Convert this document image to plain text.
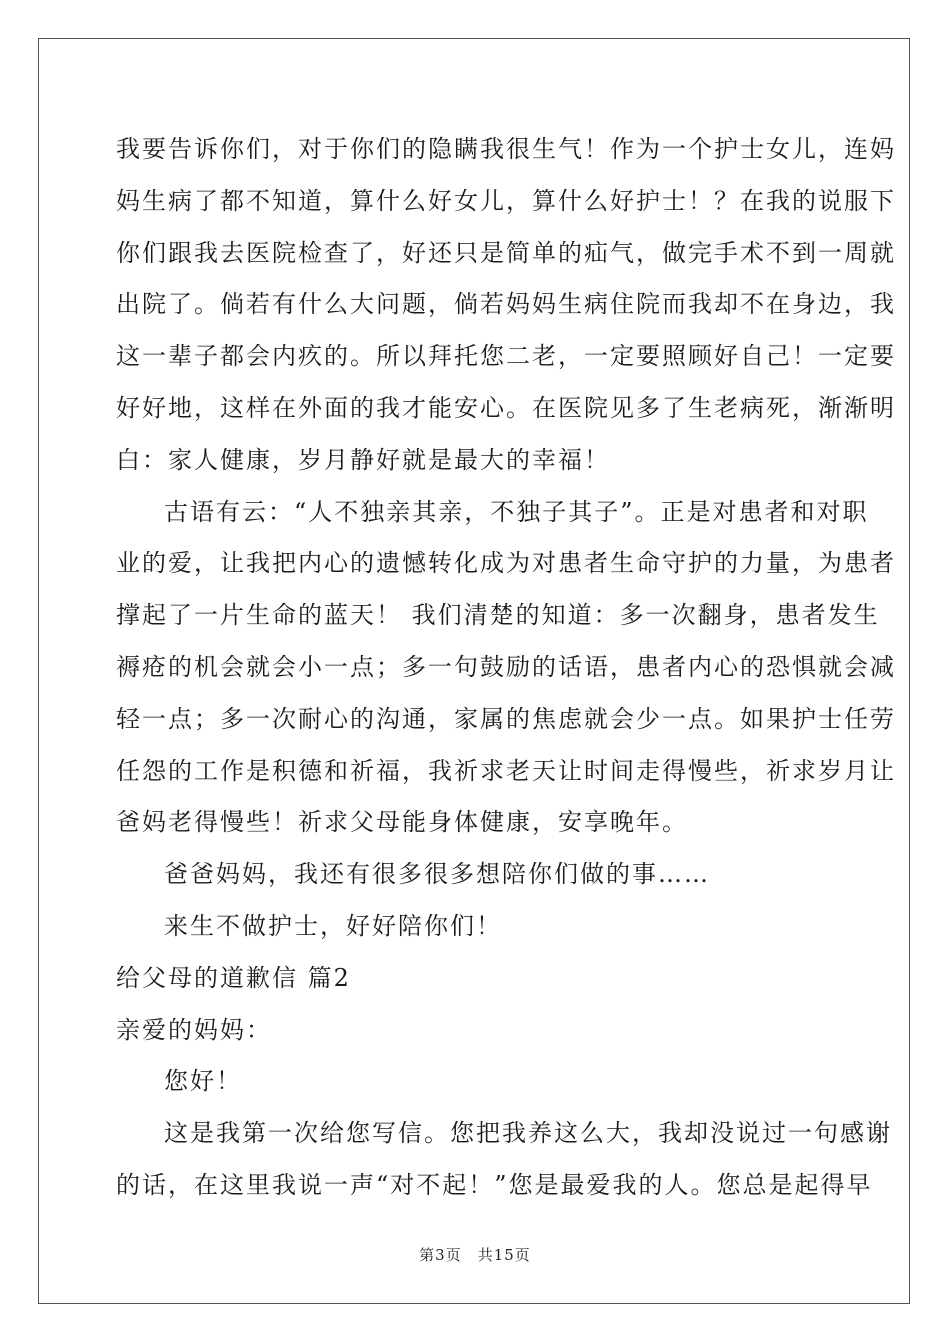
我要告诉你们，对于你们的隐瞒我很生气！作为一个护士女儿，连妈
妈生病了都不知道，算什么好女儿，算什么好护士！？在我的说服下
你们跟我去医院检查了，好还只是简单的疝气，做完手术不到一周就
出院了。倘若有什么大问题，倘若妈妈生病住院而我却不在身边，我
这一辈子都会内疚的。所以拜托您二老，一定要照顾好自己！一定要
好好地，这样在外面的我才能安心。在医院见多了生老病死，渐渐明
白：家人健康，岁月静好就是最大的幸福！
古语有云：“人不独亲其亲，不独子其子”。正是对患者和对职
业的爱，让我把内心的遗憾转化成为对患者生命守护的力量，为患者
撑起了一片生命的蓝天！ 我们清楚的知道：多一次翻身，患者发生
褥疮的机会就会小一点；多一句鼓励的话语，患者内心的恐惧就会减
轻一点；多一次耐心的沟通，家属的焦虑就会少一点。如果护士任劳
任怨的工作是积德和祈福，我祈求老天让时间走得慢些，祈求岁月让
爸妈老得慢些！祈求父母能身体健康，安享晚年。
爸爸妈妈，我还有很多很多想陪你们做的事……
来生不做护士，好好陪你们！
给父母的道歉信 篇2
亲爱的妈妈：
您好！
这是我第一次给您写信。您把我养这么大，我却没说过一句感谢
的话，在这里我说一声“对不起！”您是最爱我的人。您总是起得早
第3页　共15页
